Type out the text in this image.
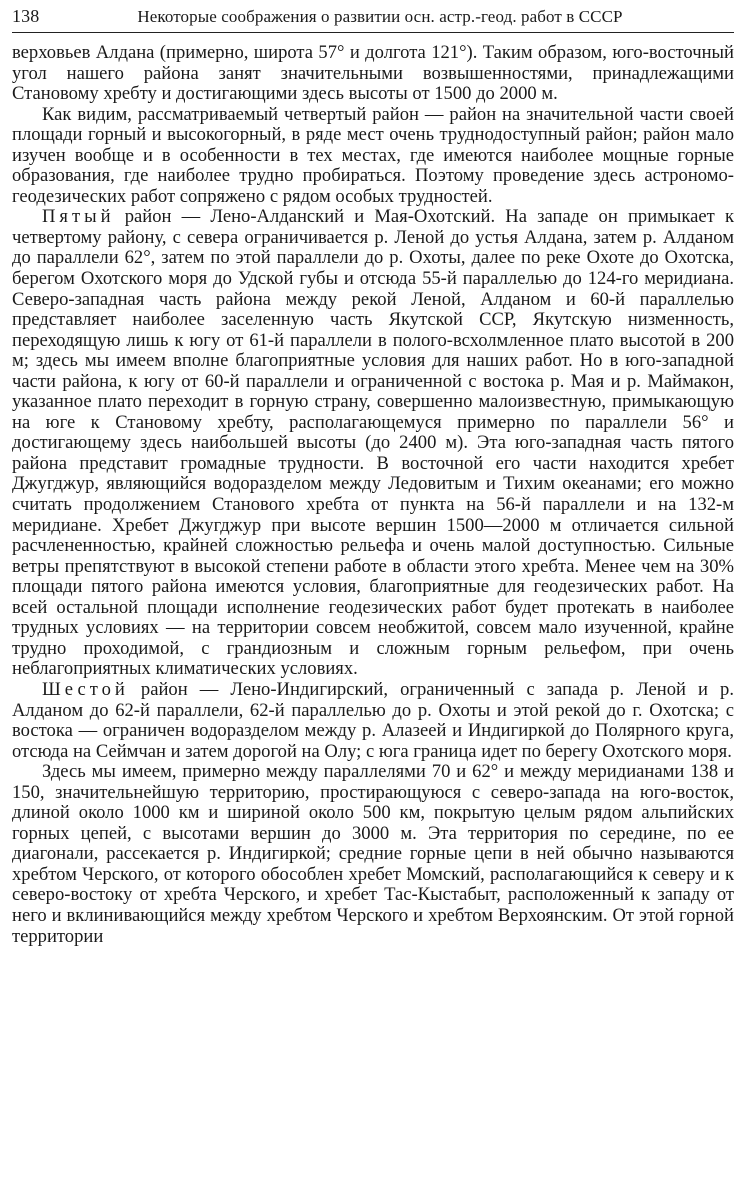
138	Некоторые соображения о развитии осн. астр.-геод. работ в СССР

верховьев Алдана (примерно, широта 57° и долгота 121°). Таким образом, юго-восточный угол нашего района занят значительными возвышенностями, принадлежащими Становому хребту и достигающими здесь высоты от 1500 до 2000 м.

Как видим, рассматриваемый четвертый район — район на значительной части своей площади горный и высокогорный, в ряде мест очень труднодоступный район; район мало изучен вообще и в особенности в тех местах, где имеются наиболее мощные горные образования, где наиболее трудно пробираться. Поэтому проведение здесь астрономо-геодезических работ сопряжено с рядом особых трудностей.

Пятый район — Лено-Алданский и Мая-Охотский. На западе он примыкает к четвертому району, с севера ограничивается р. Леной до устья Алдана, затем р. Алданом до параллели 62°, затем по этой параллели до р. Охоты, далее по реке Охоте до Охотска, берегом Охотского моря до Удской губы и отсюда 55-й параллелью до 124-го меридиана. Северо-западная часть района между рекой Леной, Алданом и 60-й параллелью представляет наиболее заселенную часть Якутской ССР, Якутскую низменность, переходящую лишь к югу от 61-й параллели в полого-всхолмленное плато высотой в 200 м; здесь мы имеем вполне благоприятные условия для наших работ. Но в юго-западной части района, к югу от 60-й параллели и ограниченной с востока р. Мая и р. Маймакон, указанное плато переходит в горную страну, совершенно малоизвестную, примыкающую на юге к Становому хребту, располагающемуся примерно по параллели 56° и достигающему здесь наибольшей высоты (до 2400 м). Эта юго-западная часть пятого района представит громадные трудности. В восточной его части находится хребет Джугджур, являющийся водоразделом между Ледовитым и Тихим океанами; его можно считать продолжением Станового хребта от пункта на 56-й параллели и на 132-м меридиане. Хребет Джугджур при высоте вершин 1500—2000 м отличается сильной расчлененностью, крайней сложностью рельефа и очень малой доступностью. Сильные ветры препятствуют в высокой степени работе в области этого хребта. Менее чем на 30% площади пятого района имеются условия, благоприятные для геодезических работ. На всей остальной площади исполнение геодезических работ будет протекать в наиболее трудных условиях — на территории совсем необжитой, совсем мало изученной, крайне трудно проходимой, с грандиозным и сложным горным рельефом, при очень неблагоприятных климатических условиях.

Шестой район — Лено-Индигирский, ограниченный с запада р. Леной и р. Алданом до 62-й параллели, 62-й параллелью до р. Охоты и этой рекой до г. Охотска; с востока — ограничен водоразделом между р. Алазеей и Индигиркой до Полярного круга, отсюда на Сеймчан и затем дорогой на Олу; с юга граница идет по берегу Охотского моря.

Здесь мы имеем, примерно между параллелями 70 и 62° и между меридианами 138 и 150, значительнейшую территорию, простирающуюся с северо-запада на юго-восток, длиной около 1000 км и шириной около 500 км, покрытую целым рядом альпийских горных цепей, с высотами вершин до 3000 м. Эта территория по середине, по ее диагонали, рассекается р. Индигиркой; средние горные цепи в ней обычно называются хребтом Черского, от которого обособлен хребет Момский, располагающийся к северу и к северо-востоку от хребта Черского, и хребет Тас-Кыстабыт, расположенный к западу от него и вклинивающийся между хребтом Черского и хребтом Верхоянским. От этой горной территории
